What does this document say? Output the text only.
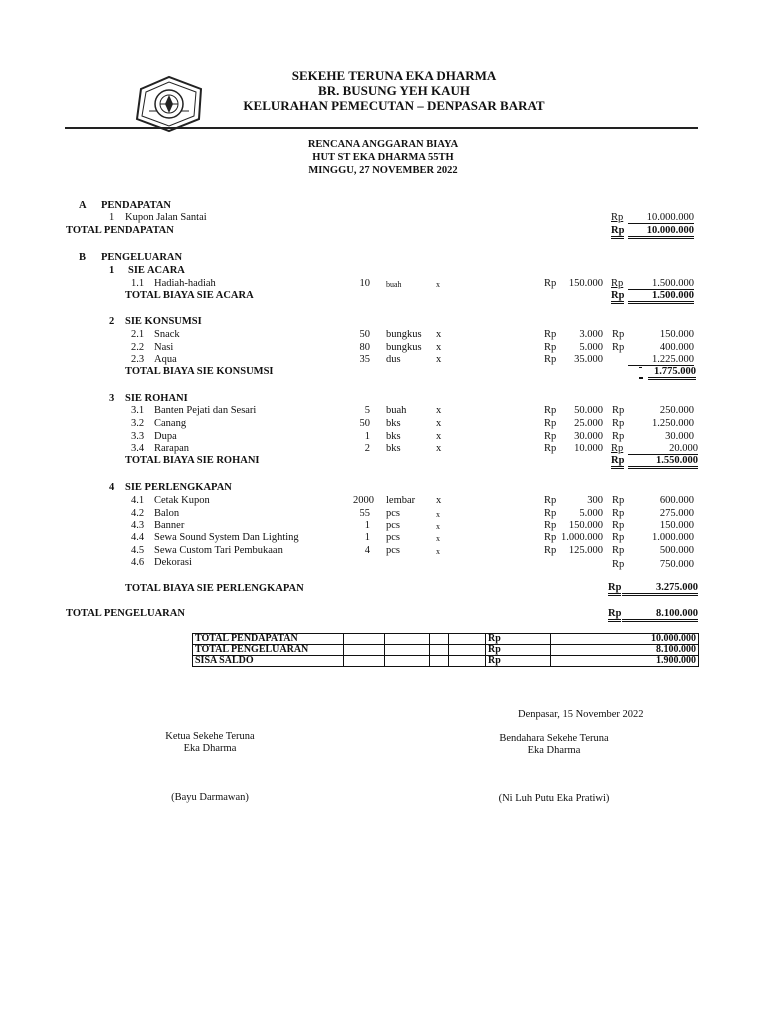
SEKEHE TERUNA EKA DHARMA
BR. BUSUNG YEH KAUH
KELURAHAN PEMECUTAN – DENPASAR BARAT
RENCANA ANGGARAN BIAYA
HUT ST EKA DHARMA 55TH
MINGGU, 27 NOVEMBER 2022
A PENDAPATAN
1 Kupon Jalan Santai	Rp	10.000.000
TOTAL PENDAPATAN	Rp	10.000.000
B PENGELUARAN
1 SIE ACARA
1.1 Hadiah-hadiah	10 buah	x	Rp	150.000 Rp	1.500.000
TOTAL BIAYA SIE ACARA	Rp	1.500.000
2 SIE KONSUMSI
2.1 Snack	50 bungkus x	Rp	3.000 Rp	150.000
2.2 Nasi	80 bungkus x	Rp	5.000 Rp	400.000
2.3 Aqua	35 dus	x	Rp	35.000	1.225.000
TOTAL BIAYA SIE KONSUMSI	1.775.000
3 SIE ROHANI
3.1 Banten Pejati dan Sesari	5 buah	x	Rp	50.000 Rp	250.000
3.2 Canang	50 bks	x	Rp	25.000 Rp	1.250.000
3.3 Dupa	1 bks	x	Rp	30.000 Rp	30.000
3.4 Rarapan	2 bks	x	Rp	10.000 Rp	20.000
TOTAL BIAYA SIE ROHANI	Rp	1.550.000
4 SIE PERLENGKAPAN
4.1 Cetak Kupon	2000 lembar x	Rp	300 Rp	600.000
4.2 Balon	55 pcs	x	Rp	5.000 Rp	275.000
4.3 Banner	1 pcs	x	Rp	150.000 Rp	150.000
4.4 Sewa Sound System Dan Lighting	1 pcs	x	Rp 1.000.000 Rp	1.000.000
4.5 Sewa Custom Tari Pembukaan	4 pcs	x	Rp	125.000 Rp	500.000
4.6 Dekorasi	Rp	750.000
TOTAL BIAYA SIE PERLENGKAPAN	Rp	3.275.000
TOTAL PENGELUARAN	Rp	8.100.000
TOTAL PENDAPATAN					Rp	10.000.000
TOTAL PENGELUARAN					Rp	8.100.000
SISA SALDO					Rp	1.900.000
Denpasar, 15 November 2022
Ketua Sekehe Teruna
Eka Dharma
Bendahara Sekehe Teruna
Eka Dharma
(Bayu Darmawan)	(Ni Luh Putu Eka Pratiwi)
